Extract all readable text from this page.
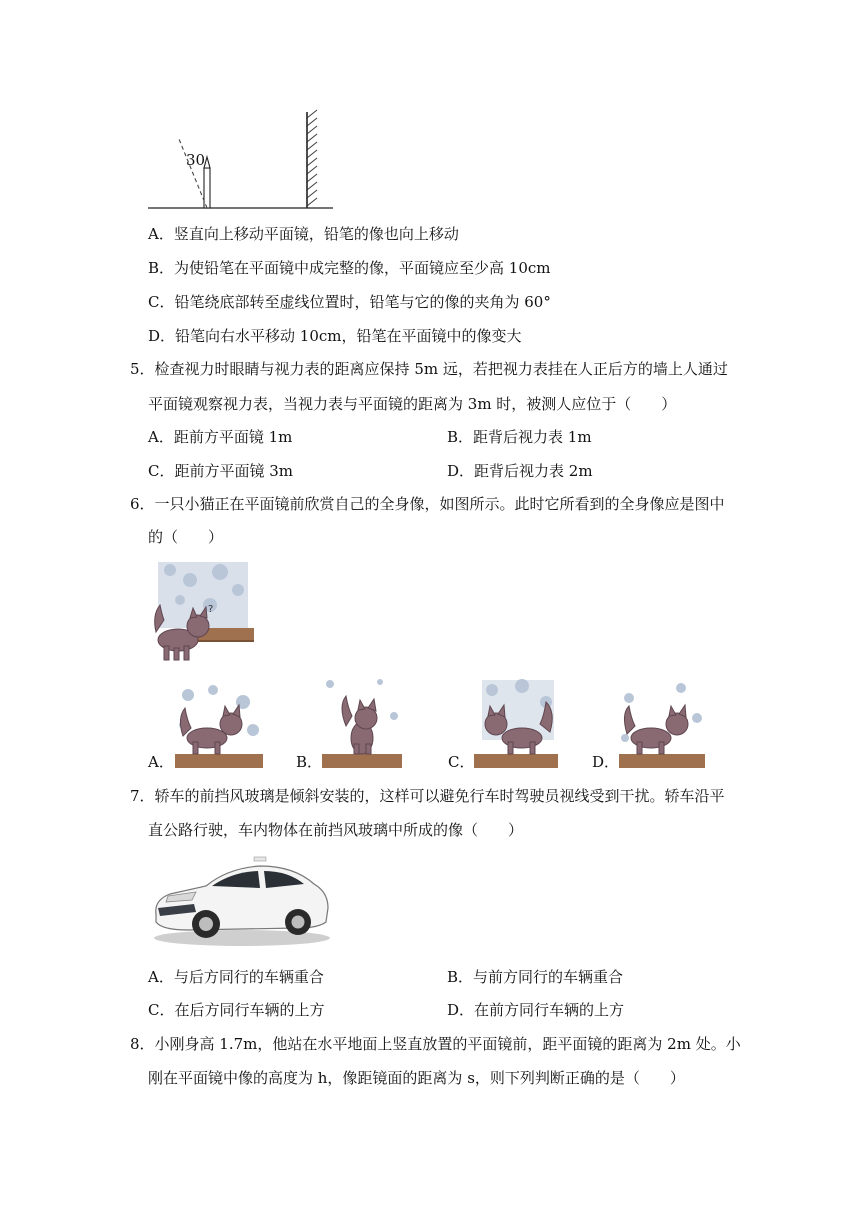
30
A．竖直向上移动平面镜，铅笔的像也向上移动
B．为使铅笔在平面镜中成完整的像，平面镜应至少高 10cm
C．铅笔绕底部转至虚线位置时，铅笔与它的像的夹角为 60°
D．铅笔向右水平移动 10cm，铅笔在平面镜中的像变大
5．检查视力时眼睛与视力表的距离应保持 5m 远，若把视力表挂在人正后方的墙上人通过
平面镜观察视力表，当视力表与平面镜的距离为 3m 时，被测人应位于（　　）
A．距前方平面镜 1m	B．距背后视力表 1m
C．距前方平面镜 3m	D．距背后视力表 2m
6．一只小猫正在平面镜前欣赏自己的全身像，如图所示。此时它所看到的全身像应是图中
的（　　）
?
A．	B．	C．	D．
7．轿车的前挡风玻璃是倾斜安装的，这样可以避免行车时驾驶员视线受到干扰。轿车沿平
直公路行驶，车内物体在前挡风玻璃中所成的像（　　）
A．与后方同行的车辆重合	B．与前方同行的车辆重合
C．在后方同行车辆的上方	D．在前方同行车辆的上方
8．小刚身高 1.7m，他站在水平地面上竖直放置的平面镜前，距平面镜的距离为 2m 处。小
刚在平面镜中像的高度为 h，像距镜面的距离为 s，则下列判断正确的是（　　）
